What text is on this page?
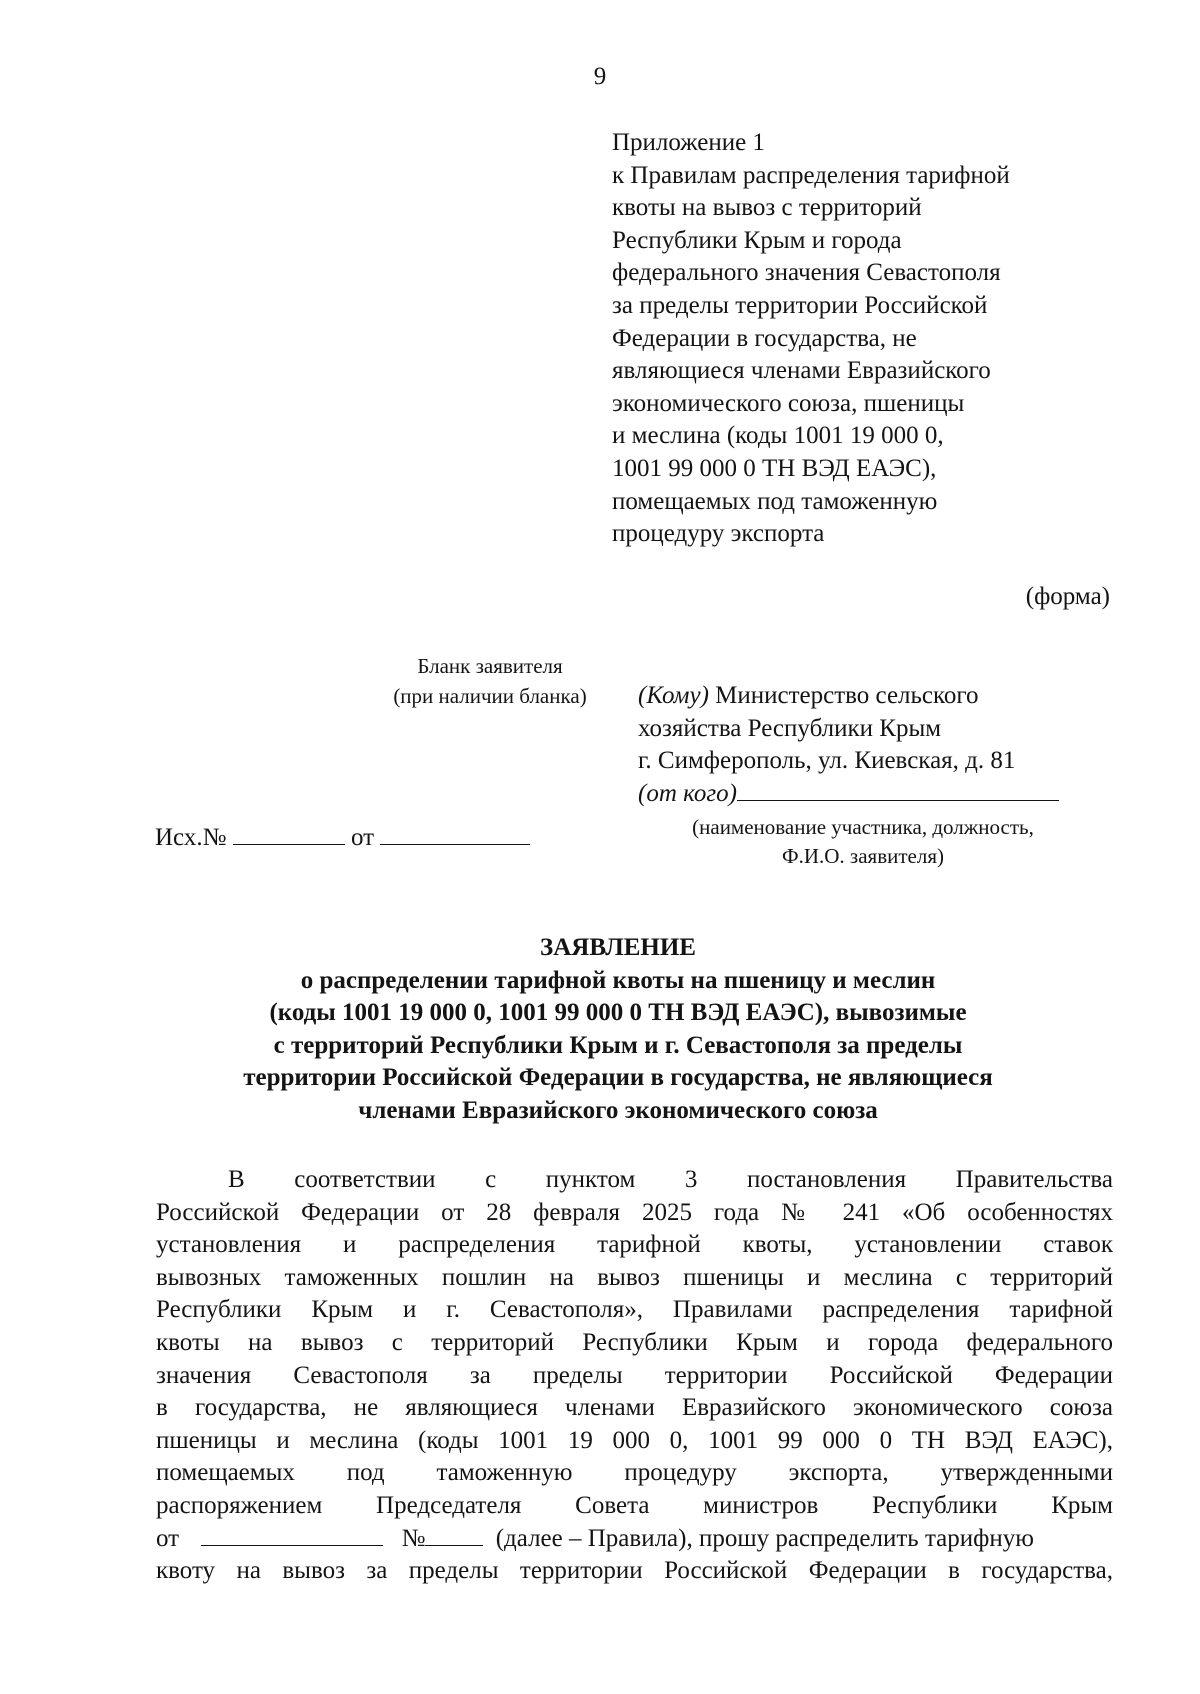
9
Приложение 1
к Правилам распределения тарифной
квоты на вывоз с территорий
Республики Крым и города
федерального значения Севастополя
за пределы территории Российской
Федерации в государства, не
являющиеся членами Евразийского
экономического союза, пшеницы
и меслина (коды 1001 19 000 0,
1001 99 000 0 ТН ВЭД ЕАЭС),
помещаемых под таможенную
процедуру экспорта
(форма)
Бланк заявителя
(при наличии бланка)	(Кому) Министерство сельского
хозяйства Республики Крым
г. Симферополь, ул. Киевская, д. 81
(от кого)
(наименование участника, должность,
Ф.И.О. заявителя)
Исх.№	от
ЗАЯВЛЕНИЕ
о распределении тарифной квоты на пшеницу и меслин
(коды 1001 19 000 0, 1001 99 000 0 ТН ВЭД ЕАЭС), вывозимые
с территорий Республики Крым и г. Севастополя за пределы
территории Российской Федерации в государства, не являющиеся
членами Евразийского экономического союза
В соответствии с пунктом 3 постановления Правительства
Российской Федерации от 28 февраля 2025 года № 241 «Об особенностях
установления и распределения тарифной квоты, установлении ставок
вывозных таможенных пошлин на вывоз пшеницы и меслина с территорий
Республики Крым и г. Севастополя», Правилами распределения тарифной
квоты на вывоз с территорий Республики Крым и города федерального
значения Севастополя за пределы территории Российской Федерации
в государства, не являющиеся членами Евразийского экономического союза
пшеницы и меслина (коды 1001 19 000 0, 1001 99 000 0 ТН ВЭД ЕАЭС),
помещаемых под таможенную процедуру экспорта, утвержденными
распоряжением Председателя Совета министров Республики Крым
от	№	(далее – Правила), прошу распределить тарифную
квоту на вывоз за пределы территории Российской Федерации в государства,
